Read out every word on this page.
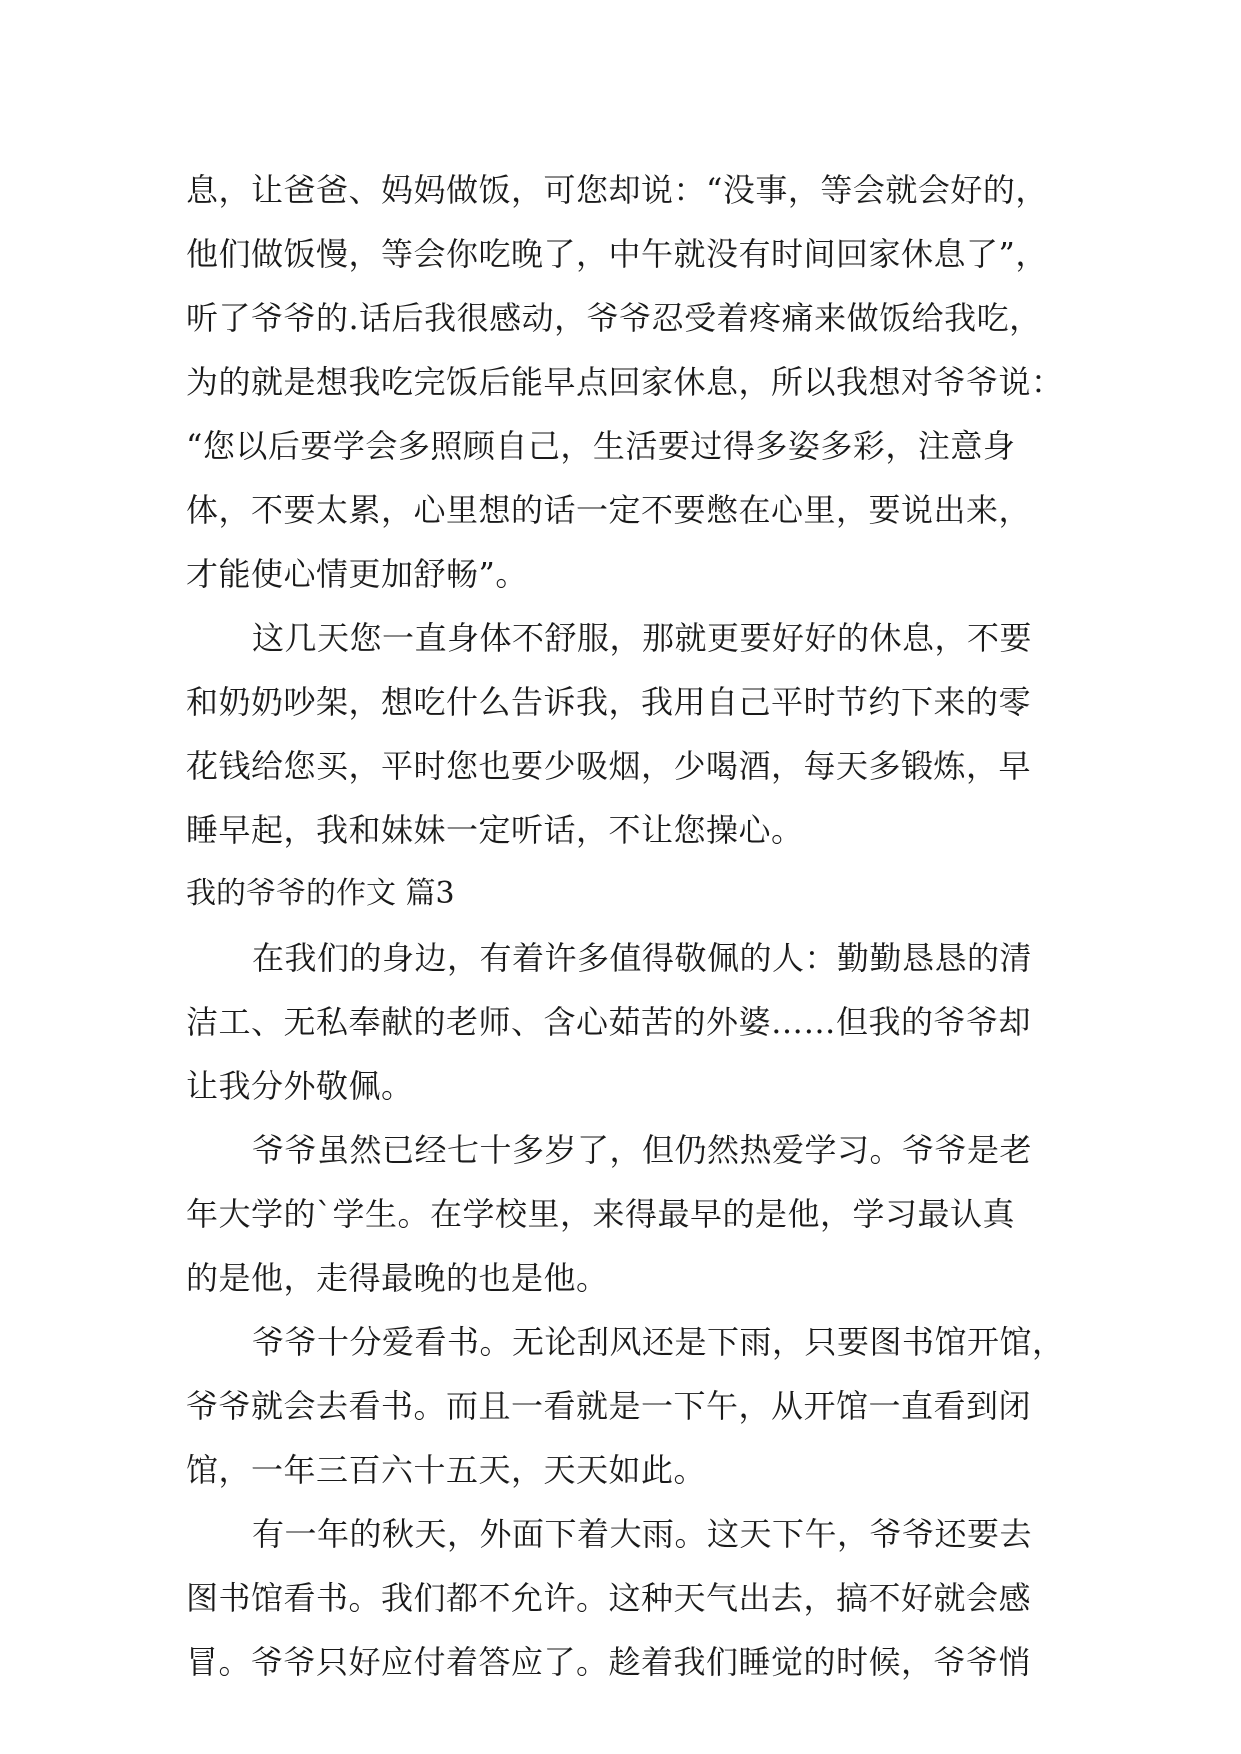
息，让爸爸、妈妈做饭，可您却说：“没事，等会就会好的，
他们做饭慢，等会你吃晚了，中午就没有时间回家休息了”，
听了爷爷的.话后我很感动，爷爷忍受着疼痛来做饭给我吃，
为的就是想我吃完饭后能早点回家休息，所以我想对爷爷说：
“您以后要学会多照顾自己，生活要过得多姿多彩，注意身
体，不要太累，心里想的话一定不要憋在心里，要说出来，
才能使心情更加舒畅”。
这几天您一直身体不舒服，那就更要好好的休息，不要
和奶奶吵架，想吃什么告诉我，我用自己平时节约下来的零
花钱给您买，平时您也要少吸烟，少喝酒，每天多锻炼，早
睡早起，我和妹妹一定听话，不让您操心。
我的爷爷的作文 篇3
在我们的身边，有着许多值得敬佩的人：勤勤恳恳的清
洁工、无私奉献的老师、含心茹苦的外婆……但我的爷爷却
让我分外敬佩。
爷爷虽然已经七十多岁了，但仍然热爱学习。爷爷是老
年大学的`学生。在学校里，来得最早的是他，学习最认真
的是他，走得最晚的也是他。
爷爷十分爱看书。无论刮风还是下雨，只要图书馆开馆，
爷爷就会去看书。而且一看就是一下午，从开馆一直看到闭
馆，一年三百六十五天，天天如此。
有一年的秋天，外面下着大雨。这天下午，爷爷还要去
图书馆看书。我们都不允许。这种天气出去，搞不好就会感
冒。爷爷只好应付着答应了。趁着我们睡觉的时候，爷爷悄
